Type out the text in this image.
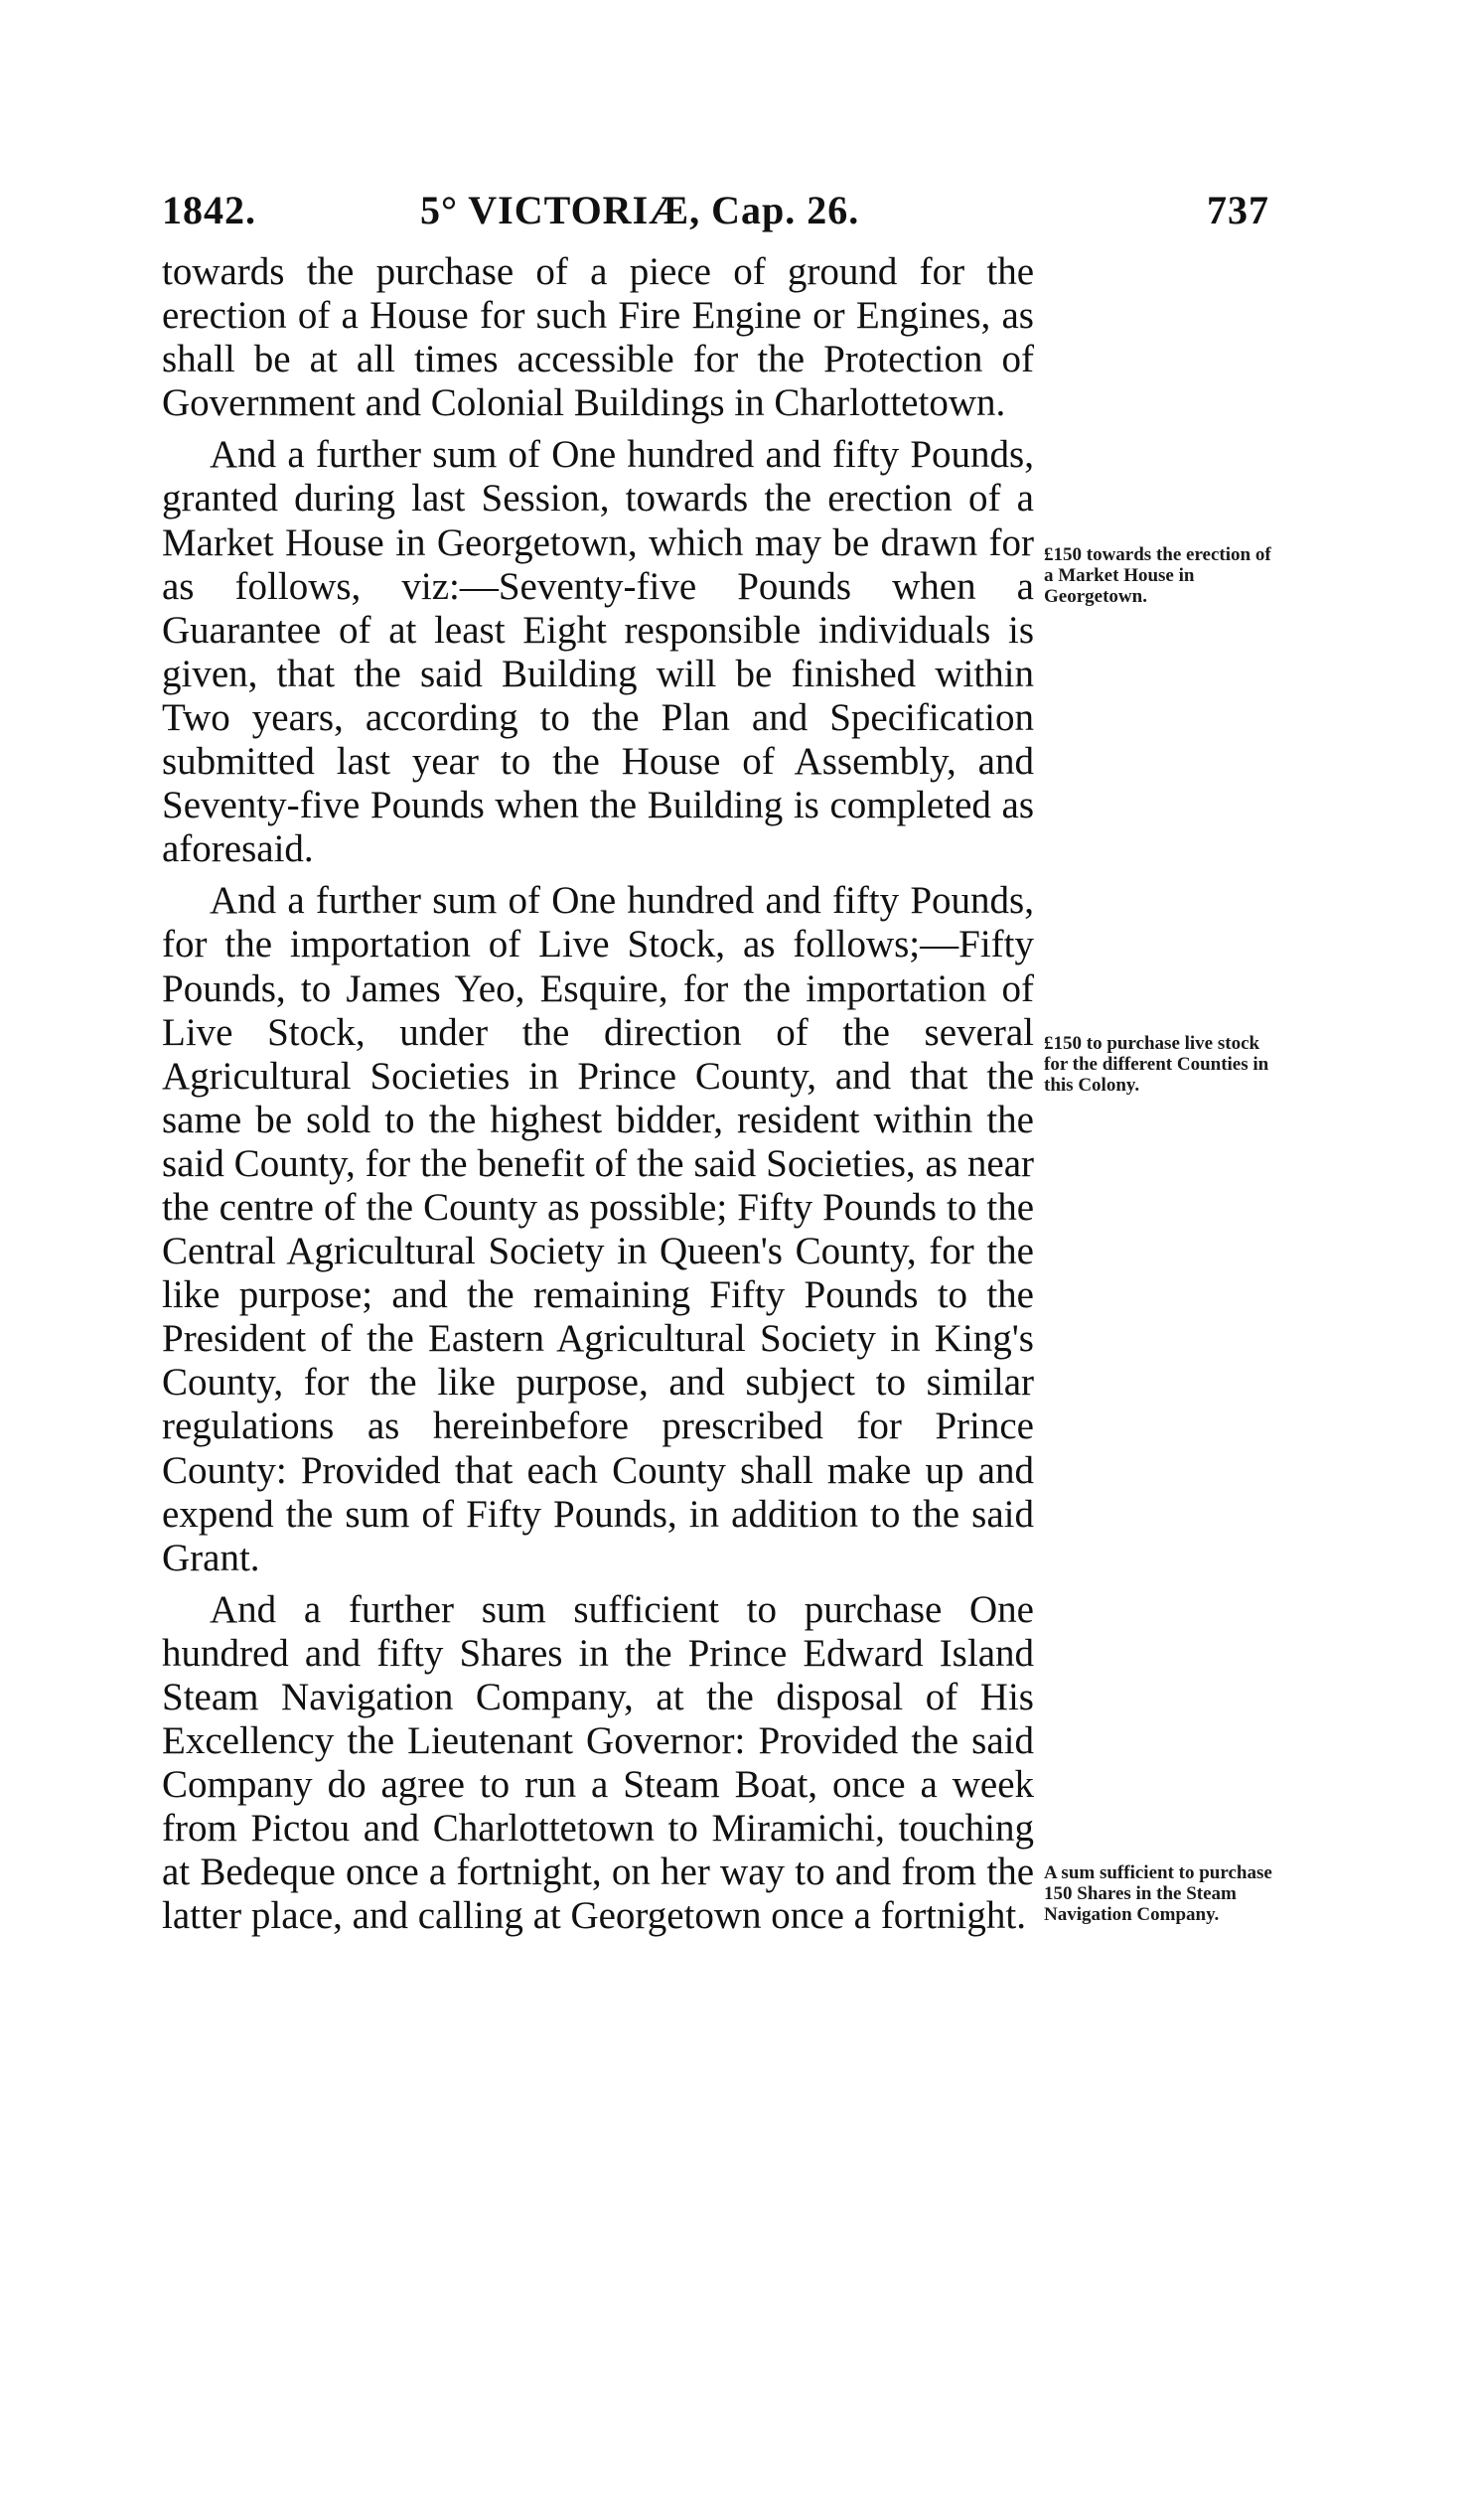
1842.	5° VICTORIÆ, Cap. 26.	737

towards the purchase of a piece of ground for the erection of a House for such Fire Engine or Engines, as shall be at all times accessible for the Protection of Government and Colonial Buildings in Charlottetown.

And a further sum of One hundred and fifty Pounds, granted during last Session, towards the erection of a Market House in Georgetown, which may be drawn for as follows, viz:—Seventy-five Pounds when a Guarantee of at least Eight responsible individuals is given, that the said Building will be finished within Two years, according to the Plan and Specification submitted last year to the House of Assembly, and Seventy-five Pounds when the Building is completed as aforesaid.

And a further sum of One hundred and fifty Pounds, for the importation of Live Stock, as follows;—Fifty Pounds, to James Yeo, Esquire, for the importation of Live Stock, under the direction of the several Agricultural Societies in Prince County, and that the same be sold to the highest bidder, resident within the said County, for the benefit of the said Societies, as near the centre of the County as possible; Fifty Pounds to the Central Agricultural Society in Queen's County, for the like purpose; and the remaining Fifty Pounds to the President of the Eastern Agricultural Society in King's County, for the like purpose, and subject to similar regulations as hereinbefore prescribed for Prince County: Provided that each County shall make up and expend the sum of Fifty Pounds, in addition to the said Grant.

And a further sum sufficient to purchase One hundred and fifty Shares in the Prince Edward Island Steam Navigation Company, at the disposal of His Excellency the Lieutenant Governor: Provided the said Company do agree to run a Steam Boat, once a week from Pictou and Charlottetown to Miramichi, touching at Bedeque once a fortnight, on her way to and from the latter place, and calling at Georgetown once a fortnight.

£150 towards the erection of a Market House in Georgetown.
£150 to purchase live stock for the different Counties in this Colony.
A sum sufficient to purchase 150 Shares in the Steam Navigation Company.
